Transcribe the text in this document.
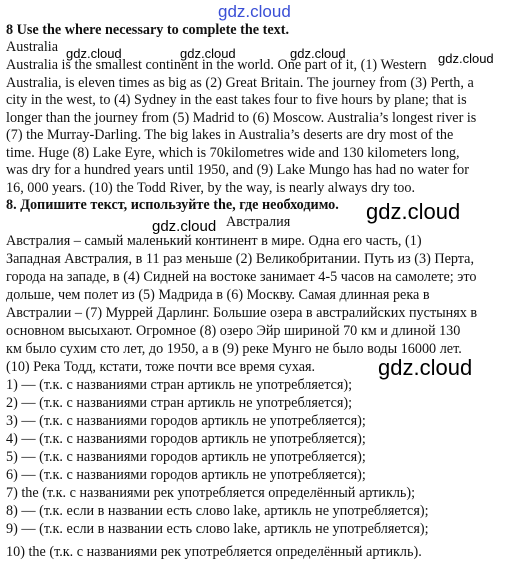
gdz.cloud
gdz.cloud	gdz.cloud	gdz.cloud	gdz.cloud
gdz.cloud
gdz.cloud
gdz.cloud
8 Use the where necessary to complete the text.
Australia
Australia is the smallest continent in the world. One part of it, (1) Western
Australia, is eleven times as big as (2) Great Britain. The journey from (3) Perth, a
city in the west, to (4) Sydney in the east takes four to five hours by plane; that is
longer than the journey from (5) Madrid to (6) Moscow. Australia’s longest river is
(7) the Murray-Darling. The big lakes in Australia’s deserts are dry most of the
time. Huge (8) Lake Eyre, which is 70kilometres wide and 130 kilometers long,
was dry for a hundred years until 1950, and (9) Lake Mungo has had no water for
16, 000 years. (10) the Todd River, by the way, is nearly always dry too.
8. Допишите текст, используйте the, где необходимо.
Австралия
Австралия – самый маленький континент в мире. Одна его часть, (1)
Западная Австралия, в 11 раз меньше (2) Великобритании. Путь из (3) Перта,
города на западе, в (4) Сидней на востоке занимает 4-5 часов на самолете; это
дольше, чем полет из (5) Мадрида в (6) Москву. Самая длинная река в
Австралии – (7) Муррей Дарлинг. Большие озера в австралийских пустынях в
основном высыхают. Огромное (8) озеро Эйр шириной 70 км и длиной 130
км было сухим сто лет, до 1950, а в (9) реке Мунго не было воды 16000 лет.
(10) Река Тодд, кстати, тоже почти все время сухая.
1) — (т.к. с названиями стран артикль не употребляется);
2) — (т.к. с названиями стран артикль не употребляется);
3) — (т.к. с названиями городов артикль не употребляется);
4) — (т.к. с названиями городов артикль не употребляется);
5) — (т.к. с названиями городов артикль не употребляется);
6) — (т.к. с названиями городов артикль не употребляется);
7) the (т.к. с названиями рек употребляется определённый артикль);
8) — (т.к. если в названии есть слово lake, артикль не употребляется);
9) — (т.к. если в названии есть слово lake, артикль не употребляется);
10) the (т.к. с названиями рек употребляется определённый артикль).
